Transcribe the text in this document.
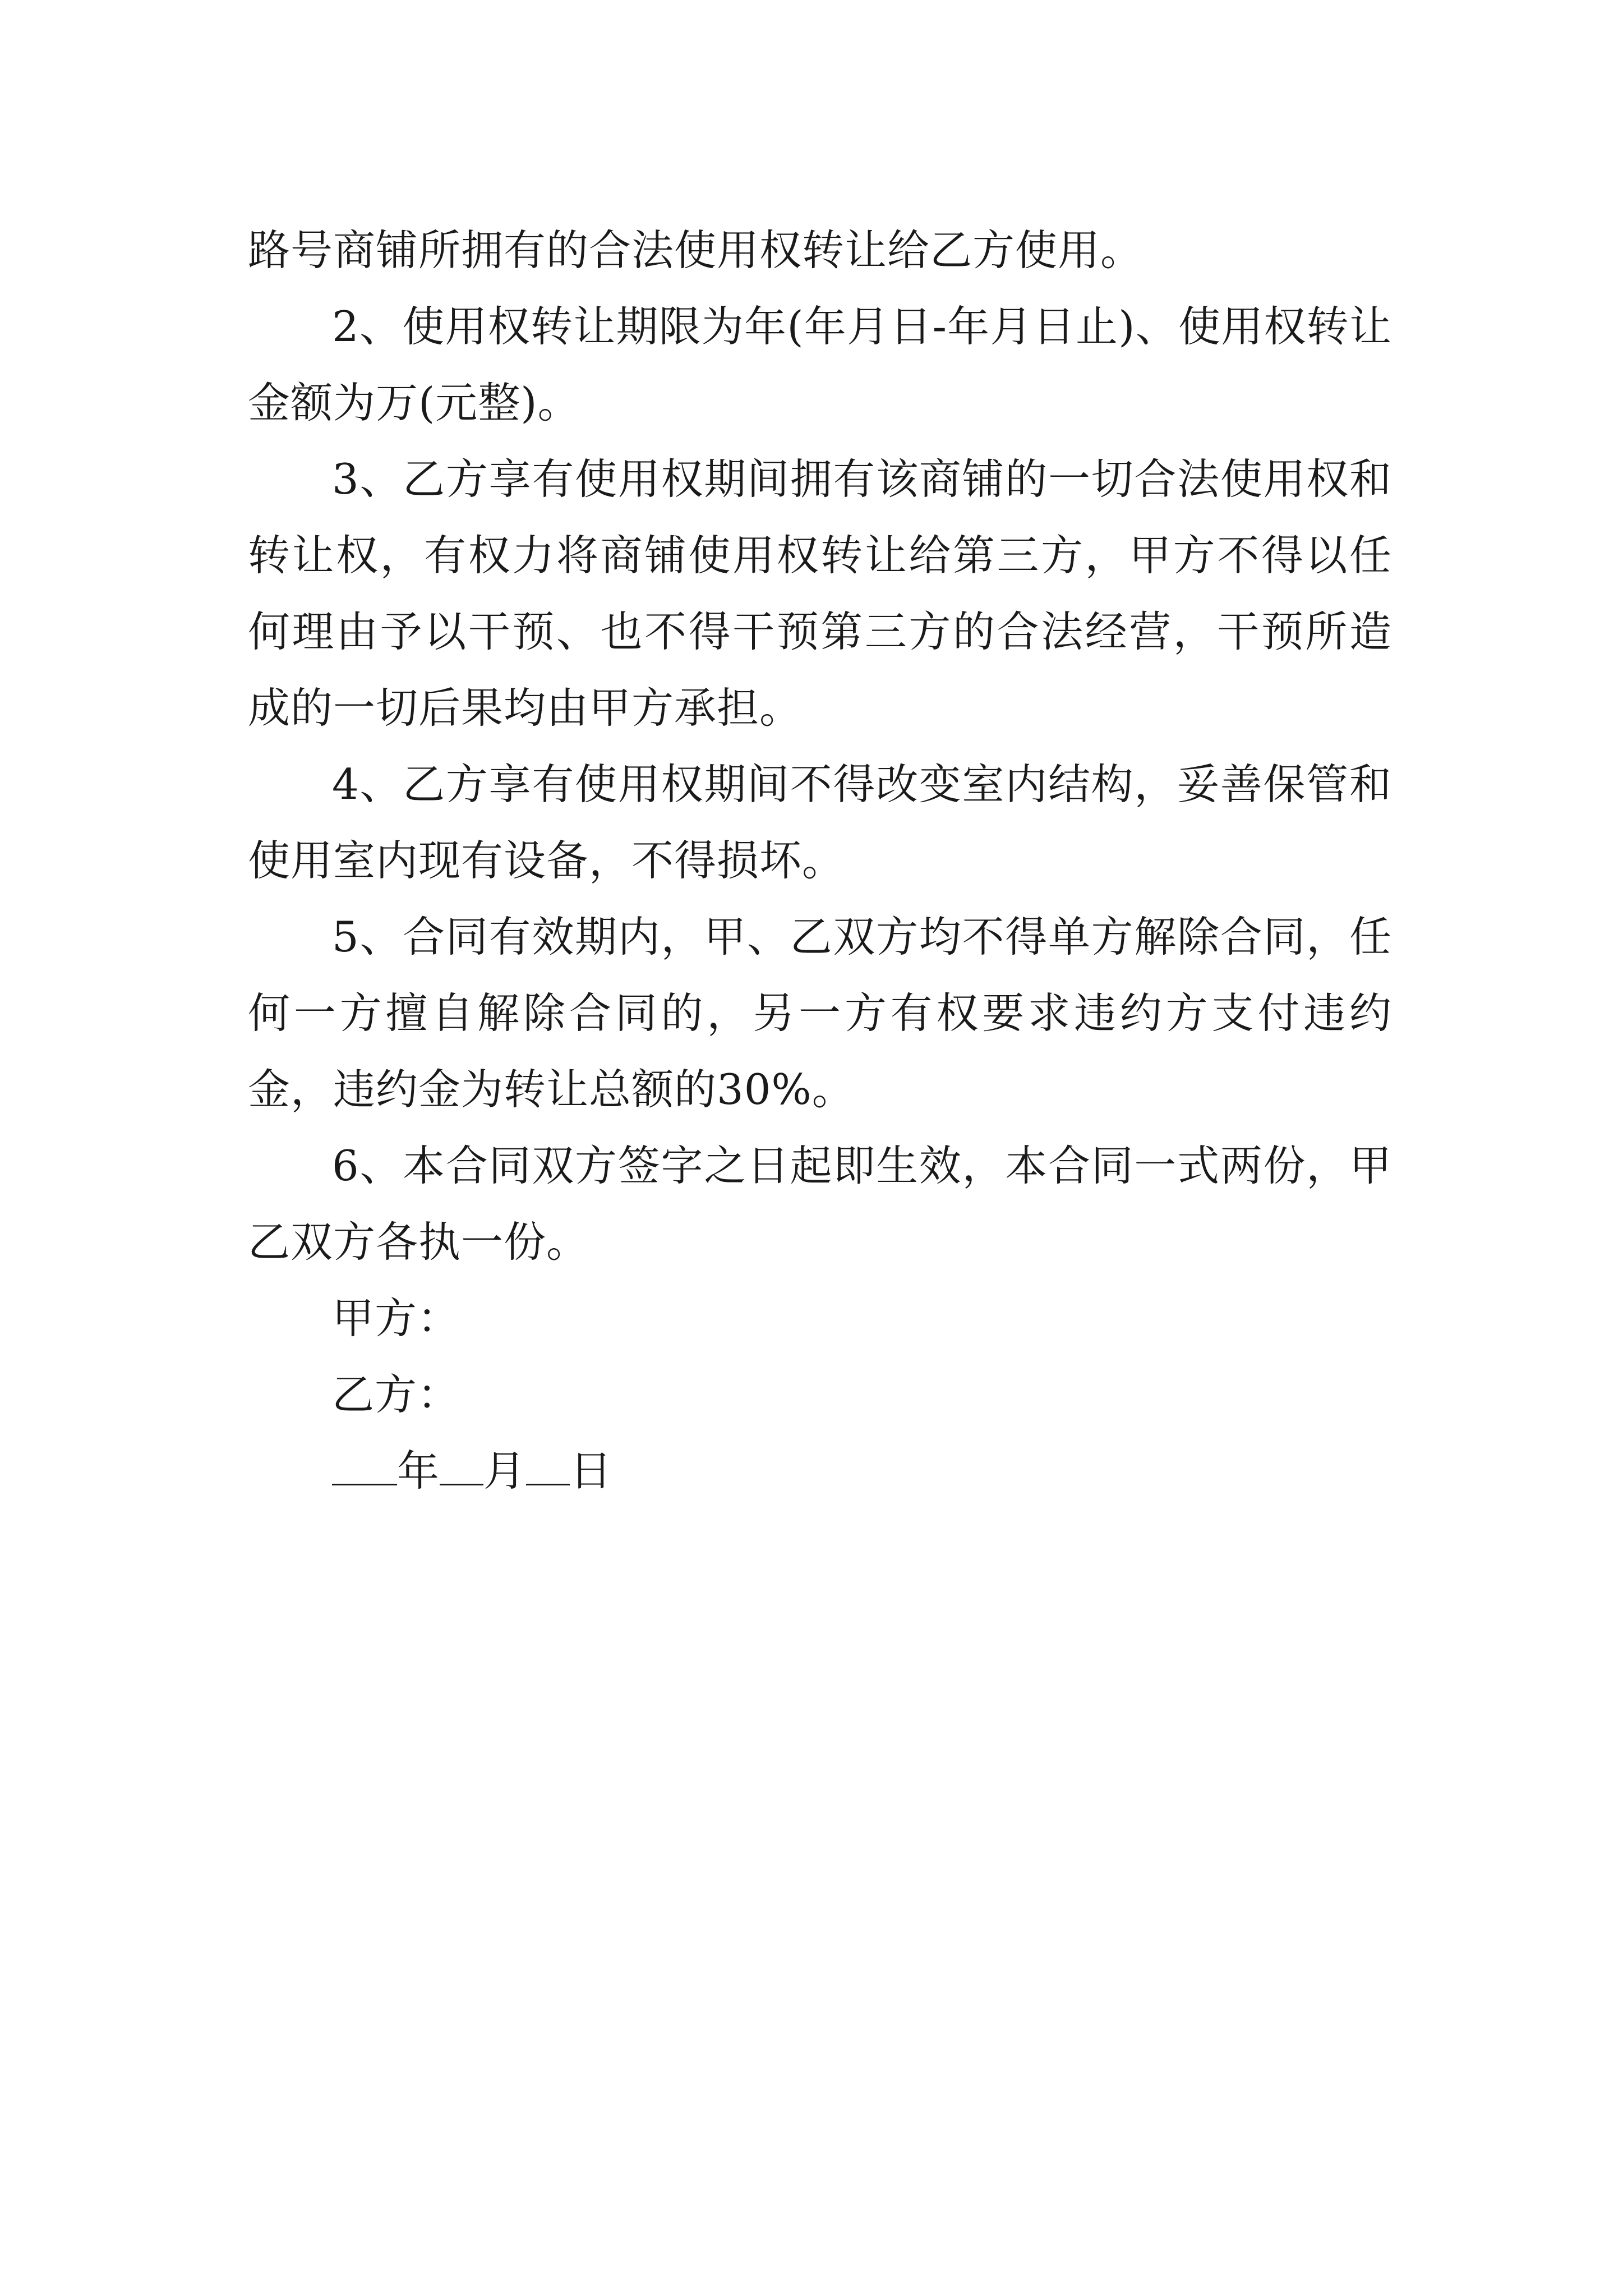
路号商铺所拥有的合法使用权转让给乙方使用。

2、使用权转让期限为年(年月日-年月日止)、使用权转让金额为万(元整)。

3、乙方享有使用权期间拥有该商铺的一切合法使用权和转让权，有权力将商铺使用权转让给第三方，甲方不得以任何理由予以干预、也不得干预第三方的合法经营，干预所造成的一切后果均由甲方承担。

4、乙方享有使用权期间不得改变室内结构，妥善保管和使用室内现有设备，不得损坏。

5、合同有效期内，甲、乙双方均不得单方解除合同，任何一方擅自解除合同的，另一方有权要求违约方支付违约金，违约金为转让总额的30%。

6、本合同双方签字之日起即生效，本合同一式两份，甲乙双方各执一份。

甲方：

乙方：

年 月 日
